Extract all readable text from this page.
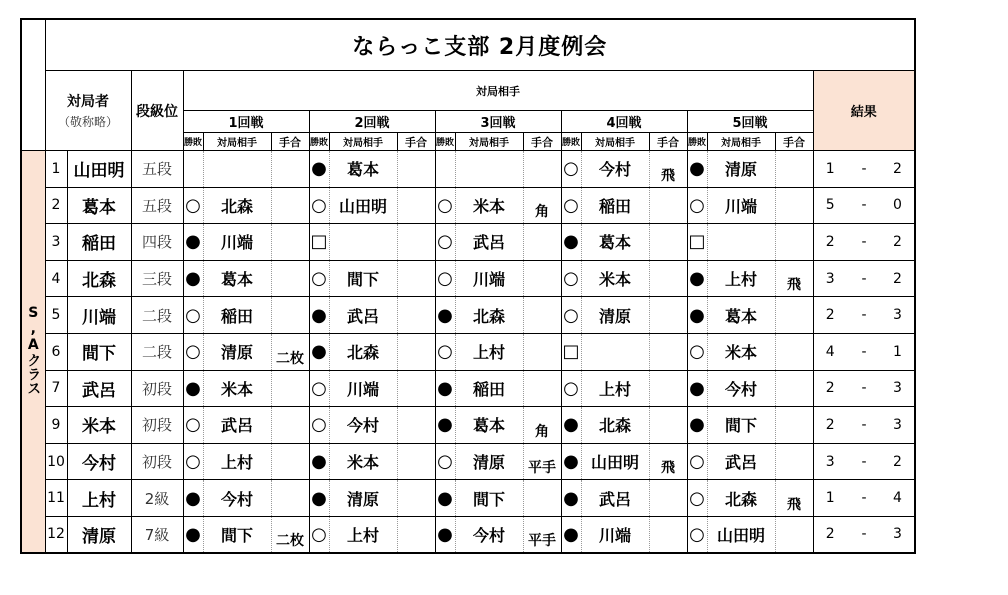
	ならっこ支部 2月度例会																				
	対局者
（敬称略）		段級位	対局相手															結果		
				1回戦			2回戦			3回戦			4回戦			5回戦					
				勝敗	対局相手	手合	勝敗	対局相手	手合	勝敗	対局相手	手合	勝敗	対局相手	手合	勝敗	対局相手	手合			
S,Aクラス	1	山田明	五段				●	葛本					○	今村	飛	●	清原		1	-	2
	2	葛本	五段	○	北森		○	山田明		○	米本	角	○	稲田		○	川端		5	-	0
	3	稲田	四段	●	川端		□			○	武呂		●	葛本		□			2	-	2
	4	北森	三段	●	葛本		○	間下		○	川端		○	米本		●	上村	飛	3	-	2
	5	川端	二段	○	稲田		●	武呂		●	北森		○	清原		●	葛本		2	-	3
	6	間下	二段	○	清原	二枚	●	北森		○	上村		□			○	米本		4	-	1
	7	武呂	初段	●	米本		○	川端		●	稲田		○	上村		●	今村		2	-	3
	9	米本	初段	○	武呂		○	今村		●	葛本	角	●	北森		●	間下		2	-	3
	10	今村	初段	○	上村		●	米本		○	清原	平手	●	山田明	飛	○	武呂		3	-	2
	11	上村	2級	●	今村		●	清原		●	間下		●	武呂		○	北森	飛	1	-	4
	12	清原	7級	●	間下	二枚	○	上村		●	今村	平手	●	川端		○	山田明		2	-	3
